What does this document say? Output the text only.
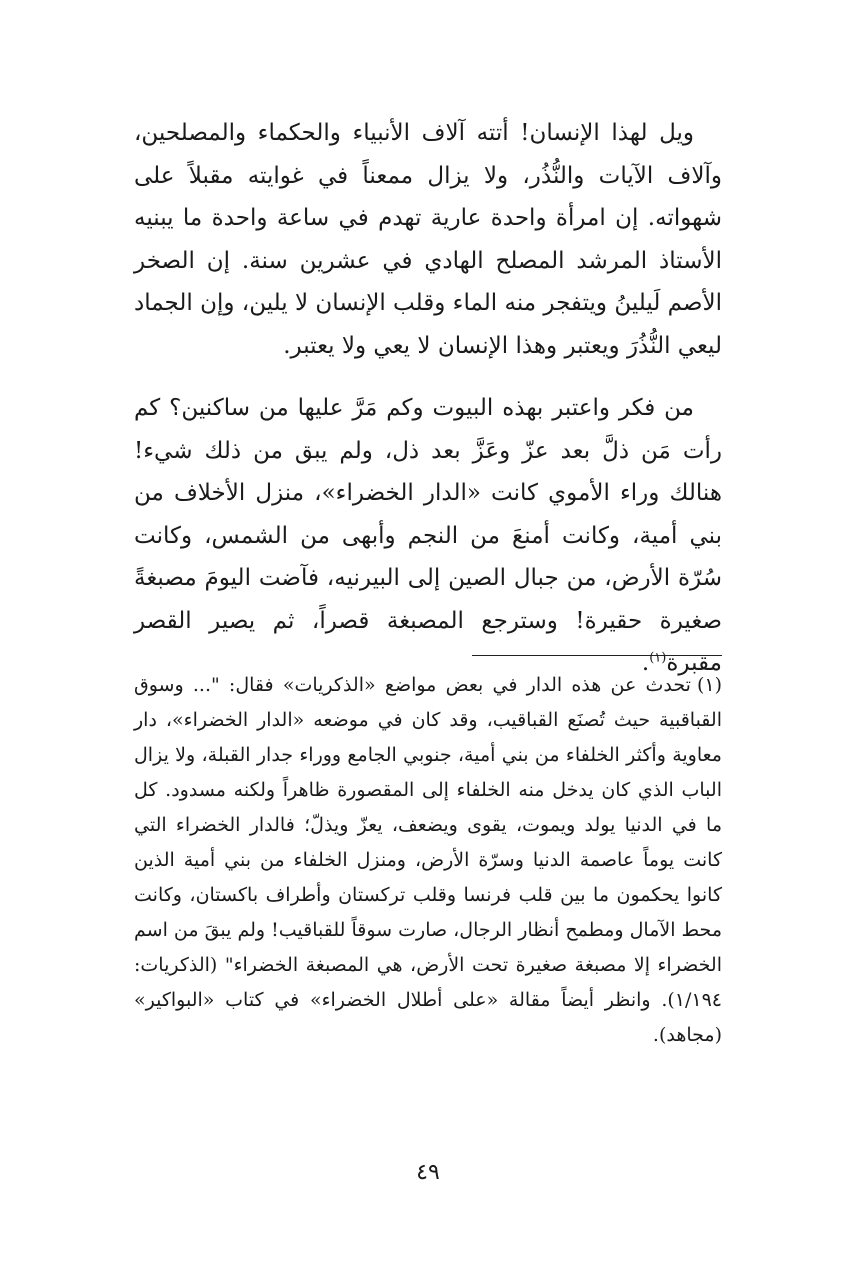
ويل لهذا الإنسان! أتته آلاف الأنبياء والحكماء والمصلحين، وآلاف الآيات والنُّذُر، ولا يزال ممعناً في غوايته مقبلاً على شهواته. إن امرأة واحدة عارية تهدم في ساعة واحدة ما يبنيه الأستاذ المرشد المصلح الهادي في عشرين سنة. إن الصخر الأصم لَيلينُ ويتفجر منه الماء وقلب الإنسان لا يلين، وإن الجماد ليعي النُّذُرَ ويعتبر وهذا الإنسان لا يعي ولا يعتبر.

من فكر واعتبر بهذه البيوت وكم مَرَّ عليها من ساكنين؟ كم رأت مَن ذلَّ بعد عزّ وعَزَّ بعد ذل، ولم يبق من ذلك شيء! هنالك وراء الأموي كانت «الدار الخضراء»، منزل الأخلاف من بني أمية، وكانت أمنعَ من النجم وأبهى من الشمس، وكانت سُرّة الأرض، من جبال الصين إلى البيرنيه، فآضت اليومَ مصبغةً صغيرة حقيرة! وسترجع المصبغة قصراً، ثم يصير القصر مقبرة$^{(١)}$.

(١)تحدث عن هذه الدار في بعض مواضع «الذكريات» فقال: "... وسوق القباقبية حيث تُصنَع القباقيب، وقد كان في موضعه «الدار الخضراء»، دار معاوية وأكثر الخلفاء من بني أمية، جنوبي الجامع ووراء جدار القبلة، ولا يزال الباب الذي كان يدخل منه الخلفاء إلى المقصورة ظاهراً ولكنه مسدود. كل ما في الدنيا يولد ويموت، يقوى ويضعف، يعزّ ويذلّ؛ فالدار الخضراء التي كانت يوماً عاصمة الدنيا وسرّة الأرض، ومنزل الخلفاء من بني أمية الذين كانوا يحكمون ما بين قلب فرنسا وقلب تركستان وأطراف باكستان، وكانت محط الآمال ومطمح أنظار الرجال، صارت سوقاً للقباقيب! ولم يبقَ من اسم الخضراء إلا مصبغة صغيرة تحت الأرض، هي المصبغة الخضراء" (الذكريات: ١/١٩٤). وانظر أيضاً مقالة «على أطلال الخضراء» في كتاب «البواكير» (مجاهد).

٤٩
